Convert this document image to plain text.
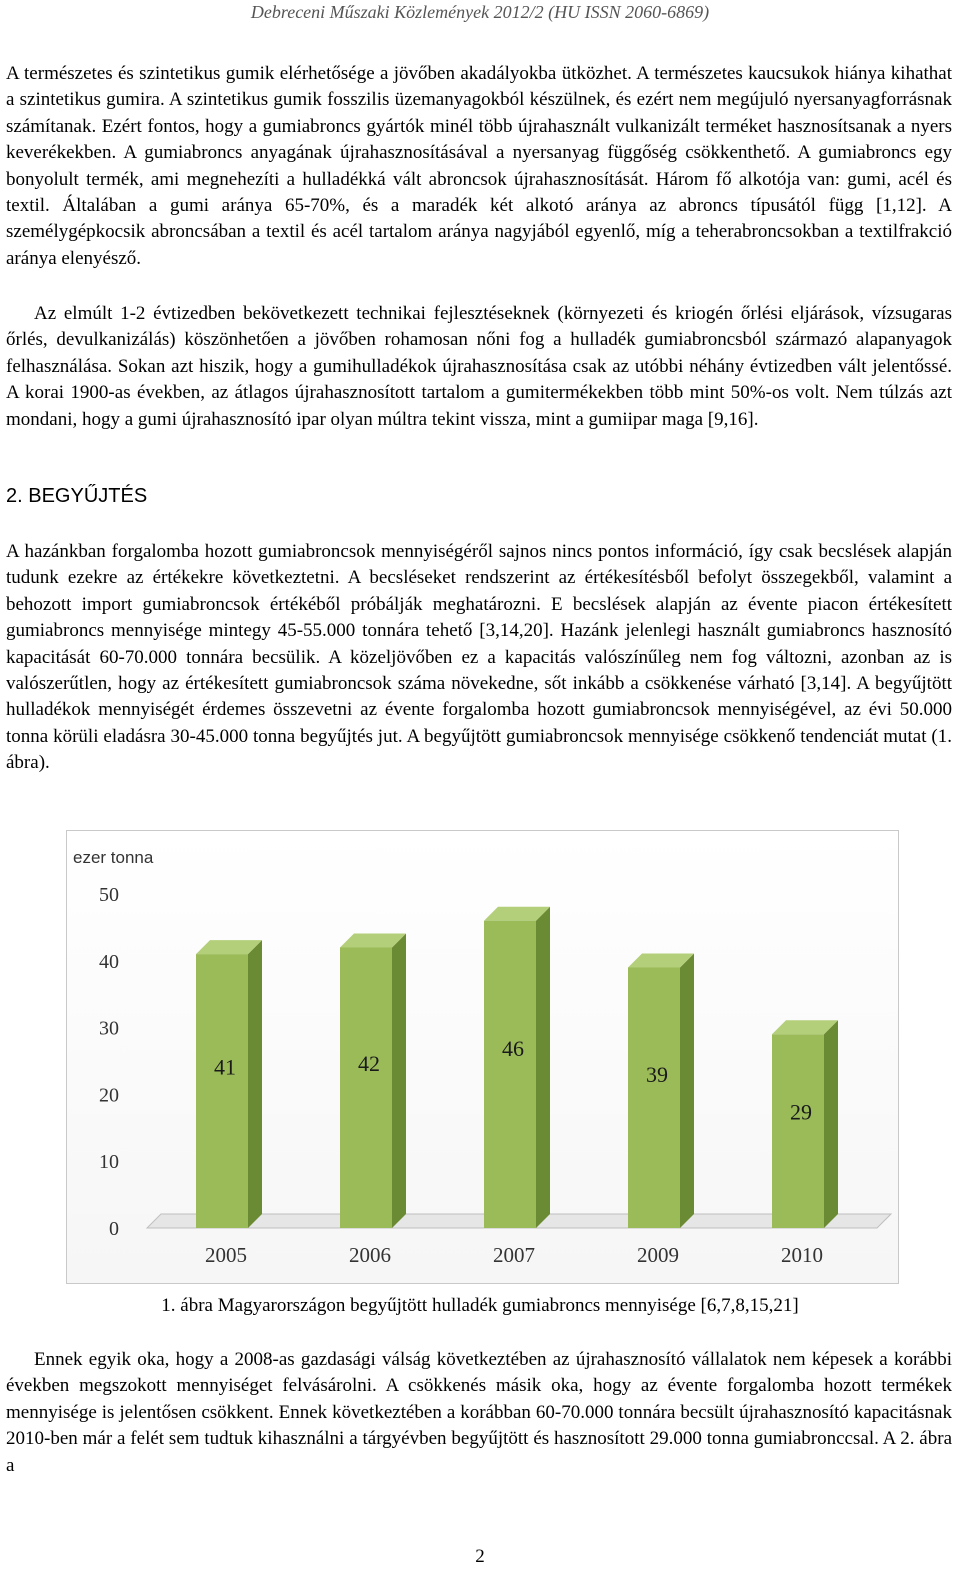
Debreceni Műszaki Közlemények 2012/2 (HU ISSN 2060-6869)

A természetes és szintetikus gumik elérhetősége a jövőben akadályokba ütközhet. A természetes kaucsukok hiánya kihathat a szintetikus gumira. A szintetikus gumik fosszilis üzemanyagokból készülnek, és ezért nem megújuló nyersanyagforrásnak számítanak. Ezért fontos, hogy a gumiabroncs gyártók minél több újrahasznált vulkanizált terméket hasznosítsanak a nyers keverékekben. A gumiabroncs anyagának újrahasznosításával a nyersanyag függőség csökkenthető. A gumiabroncs egy bonyolult termék, ami megnehezíti a hulladékká vált abroncsok újrahasznosítását. Három fő alkotója van: gumi, acél és textil. Általában a gumi aránya 65-70%, és a maradék két alkotó aránya az abroncs típusától függ [1,12]. A személygépkocsik abroncsában a textil és acél tartalom aránya nagyjából egyenlő, míg a teherabroncsokban a textilfrakció aránya elenyésző.

Az elmúlt 1-2 évtizedben bekövetkezett technikai fejlesztéseknek (környezeti és kriogén őrlési eljárások, vízsugaras őrlés, devulkanizálás) köszönhetően a jövőben rohamosan nőni fog a hulladék gumiabroncsból származó alapanyagok felhasználása. Sokan azt hiszik, hogy a gumihulladékok újrahasznosítása csak az utóbbi néhány évtizedben vált jelentőssé. A korai 1900-as években, az átlagos újrahasznosított tartalom a gumitermékekben több mint 50%-os volt. Nem túlzás azt mondani, hogy a gumi újrahasznosító ipar olyan múltra tekint vissza, mint a gumiipar maga [9,16].

2. BEGYŰJTÉS

A hazánkban forgalomba hozott gumiabroncsok mennyiségéről sajnos nincs pontos információ, így csak becslések alapján tudunk ezekre az értékekre következtetni. A becsléseket rendszerint az értékesítésből befolyt összegekből, valamint a behozott import gumiabroncsok értékéből próbálják meghatározni. E becslések alapján az évente piacon értékesített gumiabroncs mennyisége mintegy 45-55.000 tonnára tehető [3,14,20]. Hazánk jelenlegi használt gumiabroncs hasznosító kapacitását 60-70.000 tonnára becsülik. A közeljövőben ez a kapacitás valószínűleg nem fog változni, azonban az is valószerűtlen, hogy az értékesített gumiabroncsok száma növekedne, sőt inkább a csökkenése várható [3,14]. A begyűjtött hulladékok mennyiségét érdemes összevetni az évente forgalomba hozott gumiabroncsok mennyiségével, az évi 50.000 tonna körüli eladásra 30-45.000 tonna begyűjtés jut. A begyűjtött gumiabroncsok mennyisége csökkenő tendenciát mutat (1. ábra).

ezer tonna
0
10
20
30
40
50
41
2005
42
2006
46
2007
39
2009
29
2010
1. ábra Magyarországon begyűjtött hulladék gumiabroncs mennyisége [6,7,8,15,21]

Ennek egyik oka, hogy a 2008-as gazdasági válság következtében az újrahasznosító vállalatok nem képesek a korábbi években megszokott mennyiséget felvásárolni. A csökkenés másik oka, hogy az évente forgalomba hozott termékek mennyisége is jelentősen csökkent. Ennek következtében a korábban 60-70.000 tonnára becsült újrahasznosító kapacitásnak 2010-ben már a felét sem tudtuk kihasználni a tárgyévben begyűjtött és hasznosított 29.000 tonna gumiabronccsal. A 2. ábra a

2
